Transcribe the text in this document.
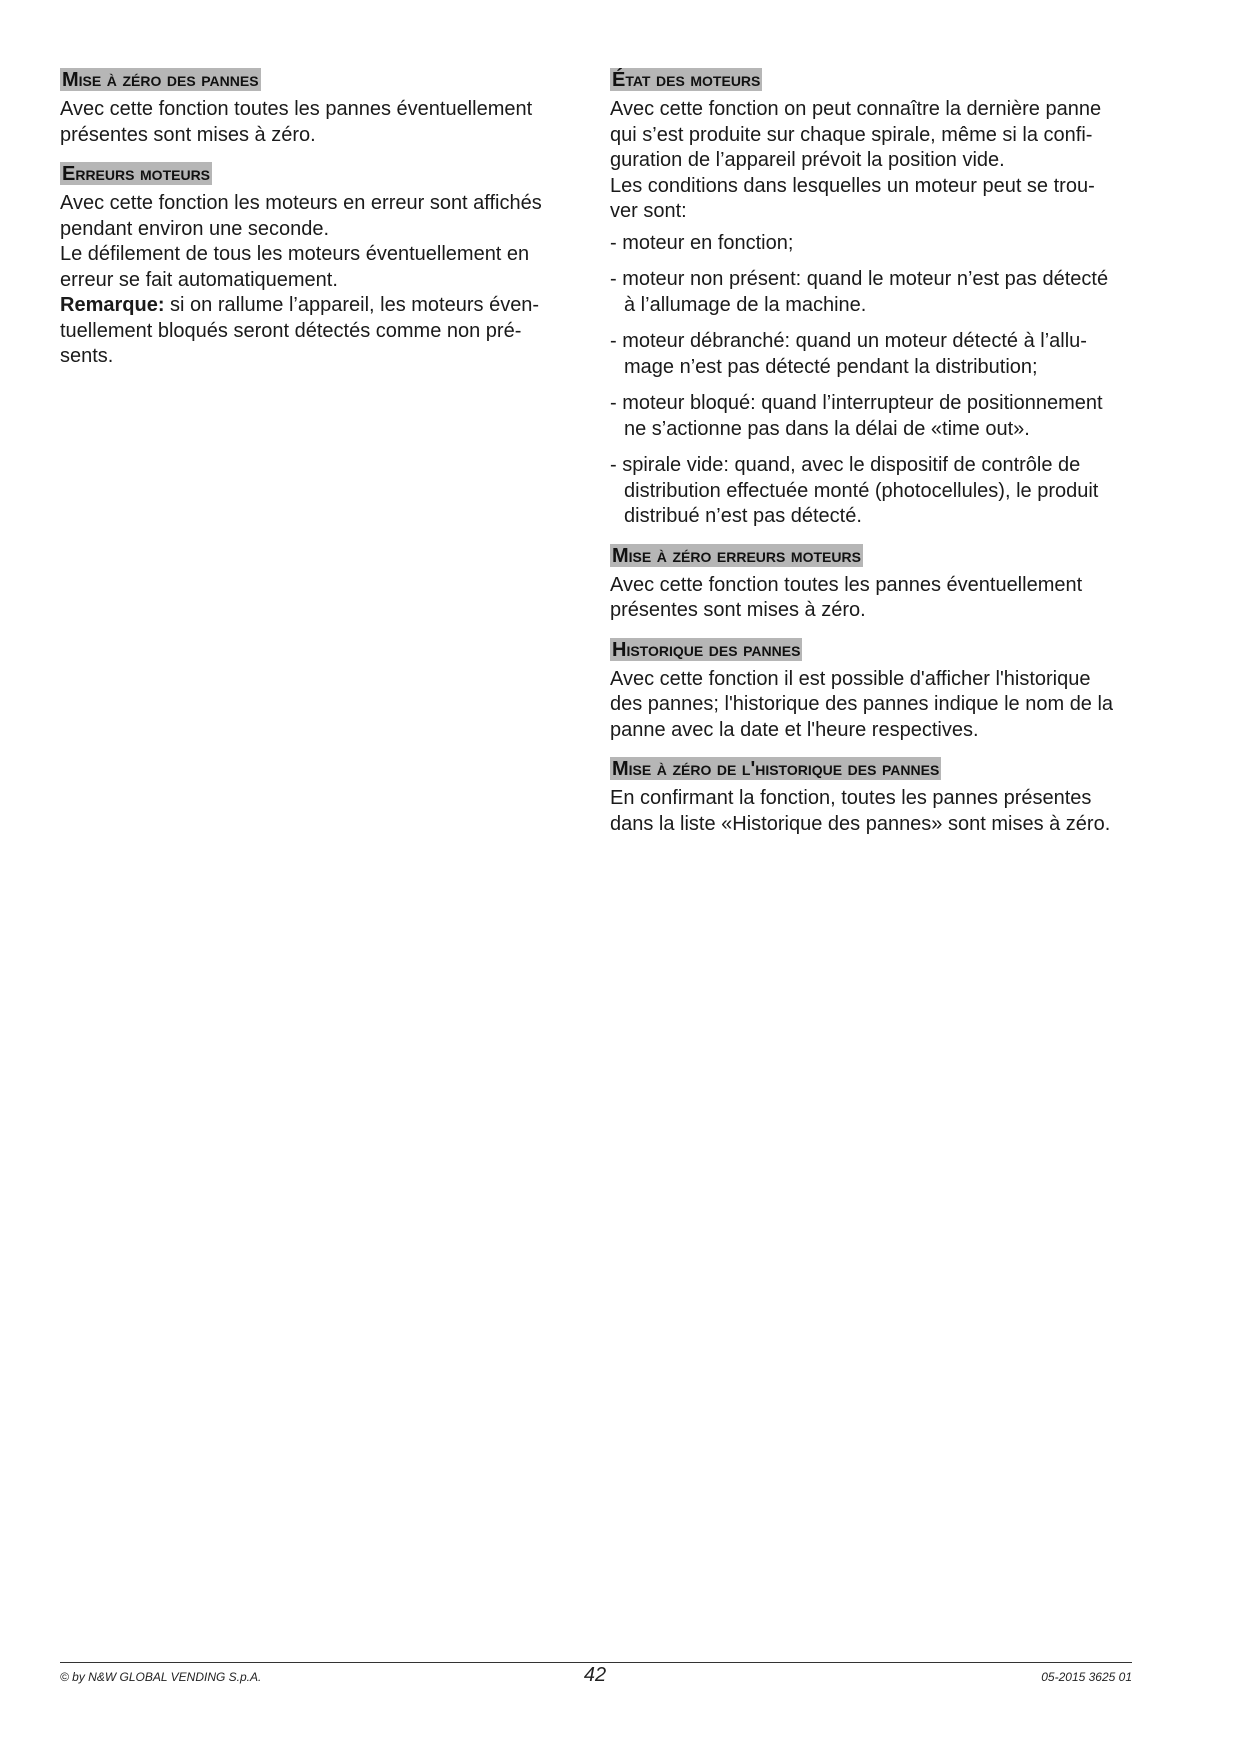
Mise à zéro des pannes

Avec cette fonction toutes les pannes éventuellement
présentes sont mises à zéro.

Erreurs moteurs

Avec cette fonction les moteurs en erreur sont affichés
pendant environ une seconde.
Le défilement de tous les moteurs éventuellement en
erreur se fait automatiquement.

Remarque: si on rallume l’appareil, les moteurs éven-
tuellement bloqués seront détectés comme non pré-
sents.

État des moteurs

Avec cette fonction on peut connaître la dernière panne
qui s’est produite sur chaque spirale, même si la confi-
guration de l’appareil prévoit la position vide.
Les conditions dans lesquelles un moteur peut se trou-
ver sont:

- moteur en fonction;
- moteur non présent: quand le moteur n’est pas détecté
à l’allumage de la machine.
- moteur débranché: quand un moteur détecté à l’allu-
mage n’est pas détecté pendant la distribution;
- moteur bloqué: quand l’interrupteur de positionnement
ne s’actionne pas dans la délai de «time out».
- spirale vide: quand, avec le dispositif de contrôle de
distribution effectuée monté (photocellules), le produit
distribué n’est pas détecté.
Mise à zéro erreurs moteurs

Avec cette fonction toutes les pannes éventuellement
présentes sont mises à zéro.

Historique des pannes

Avec cette fonction il est possible d'afficher l'historique
des pannes; l'historique des pannes indique le nom de la
panne avec la date et l'heure respectives.

Mise à zéro de l'historique des pannes

En confirmant la fonction, toutes les pannes présentes
dans la liste «Historique des pannes» sont mises à zéro.

© by N&W GLOBAL VENDING S.p.A.	42	05-2015 3625 01
